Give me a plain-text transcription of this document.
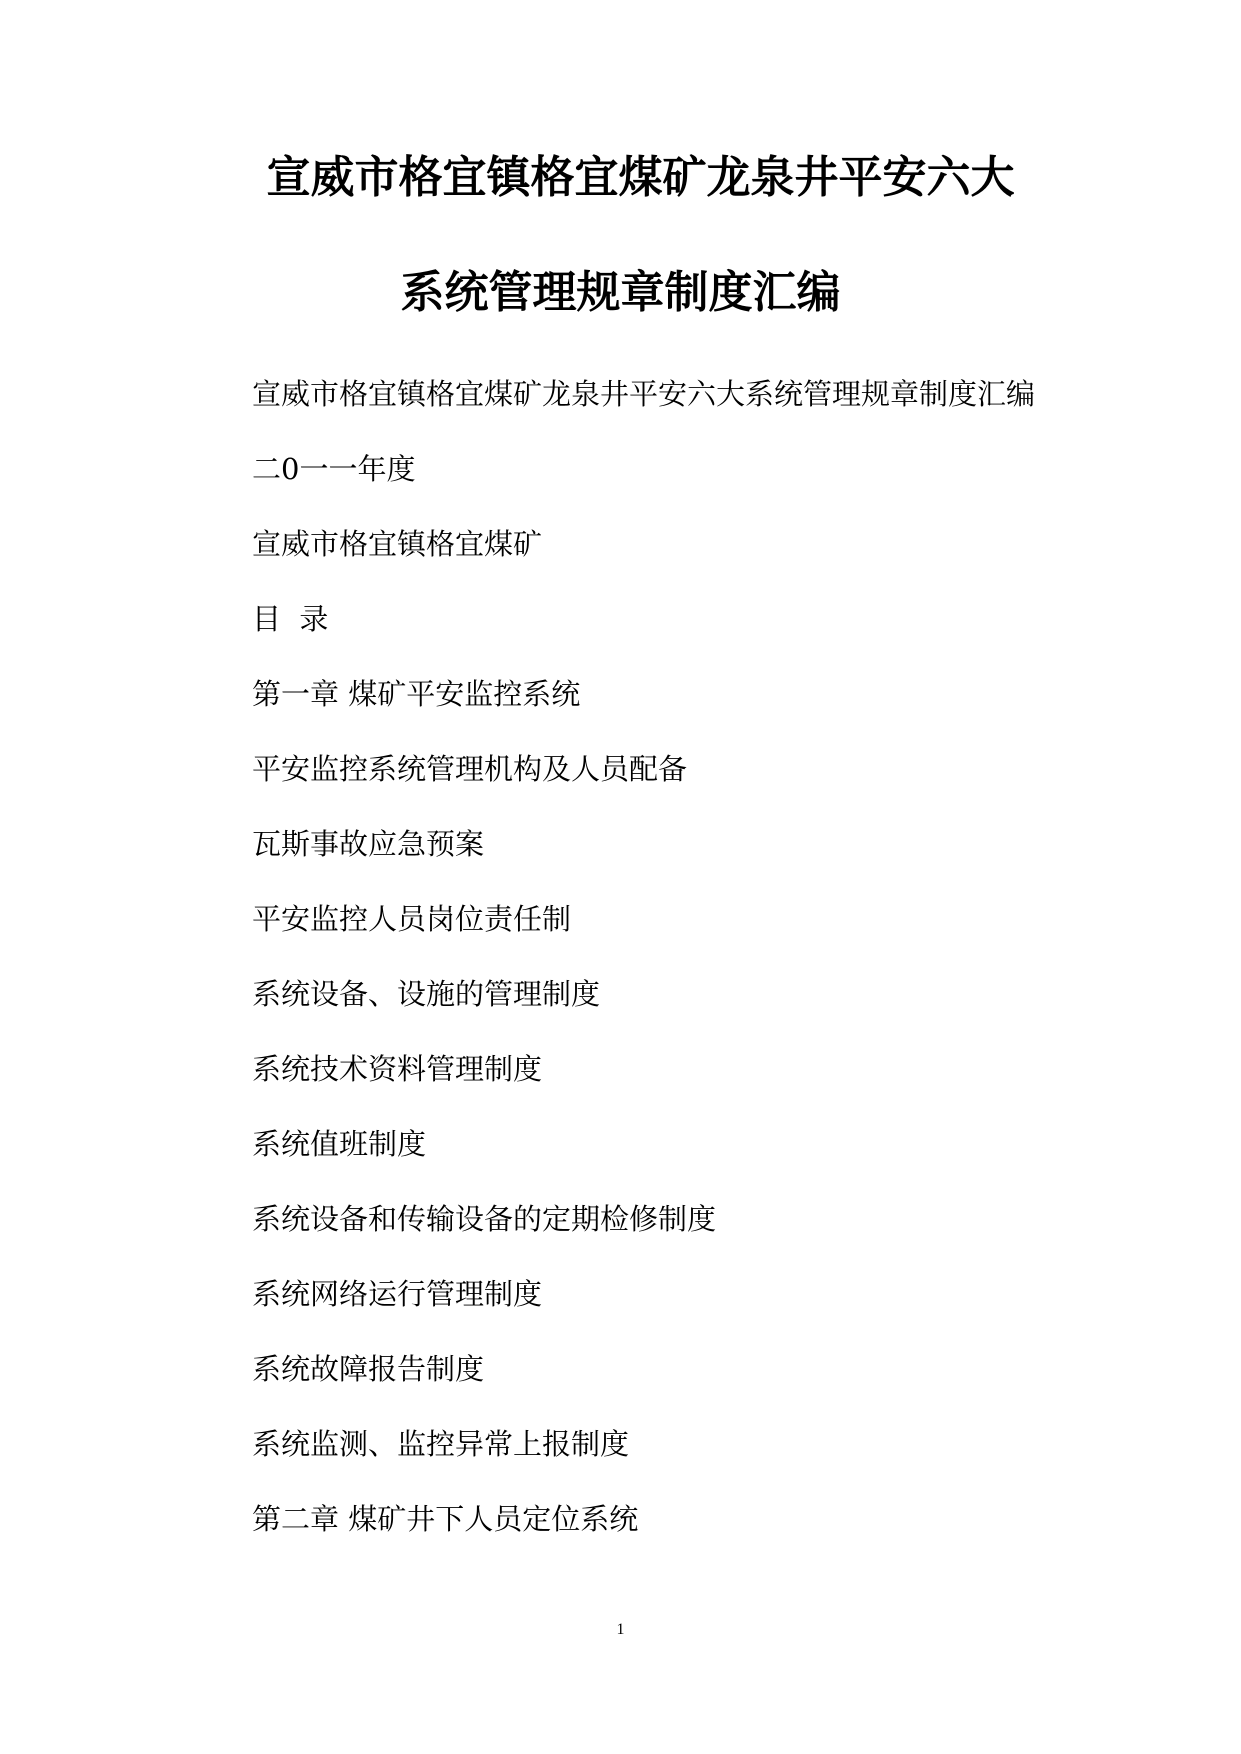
宣威市格宜镇格宜煤矿龙泉井平安六大
系统管理规章制度汇编
宣威市格宜镇格宜煤矿龙泉井平安六大系统管理规章制度汇编
二0一一年度
宣威市格宜镇格宜煤矿
目  录
第一章 煤矿平安监控系统
平安监控系统管理机构及人员配备
瓦斯事故应急预案
平安监控人员岗位责任制
系统设备、设施的管理制度
系统技术资料管理制度
系统值班制度
系统设备和传输设备的定期检修制度
系统网络运行管理制度
系统故障报告制度
系统监测、监控异常上报制度
第二章 煤矿井下人员定位系统
1
